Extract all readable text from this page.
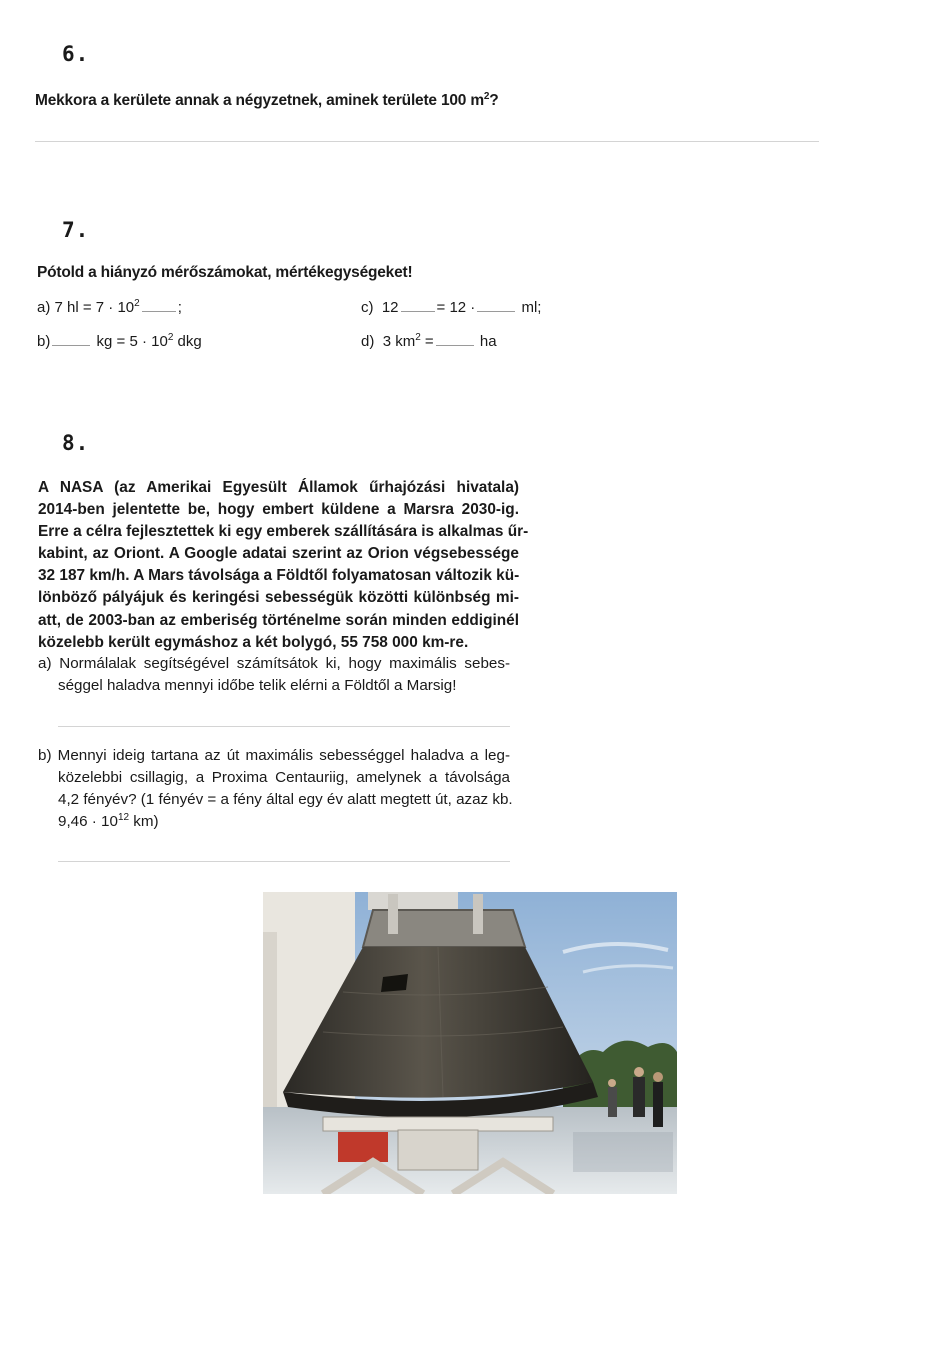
6.
Mekkora a kerülete annak a négyzetnek, aminek területe 100 $m^2$?
7.
Pótold a hiányzó mérőszámokat, mértékegységeket!
a) 7 hl = $7 \cdot 10^2$	;
b)	kg = $5 \cdot 10^2$ dkg
c) 12	= 12 ·	ml;
d) 3 $km^2$ =	ha
8.
A NASA (az Amerikai Egyesült Államok űrhajózási hivatala)
2014-ben jelentette be, hogy embert küldene a Marsra 2030-ig.
Erre a célra fejlesztettek ki egy emberek szállítására is alkalmas űr-
kabint, az Oriont. A Google adatai szerint az Orion végsebessége
32 187 km/h. A Mars távolsága a Földtől folyamatosan változik kü-
lönböző pályájuk és keringési sebességük közötti különbség mi-
att, de 2003-ban az emberiség történelme során minden eddiginél
közelebb került egymáshoz a két bolygó, 55 758 000 km-re.
a) Normálalak segítségével számítsátok ki, hogy maximális sebes-
séggel haladva mennyi időbe telik elérni a Földtől a Marsig!
b) Mennyi ideig tartana az út maximális sebességgel haladva a leg-
közelebbi csillagig, a Proxima Centauriig, amelynek a távolsága
4,2 fényév? (1 fényév = a fény által egy év alatt megtett út, azaz kb.
$9,46 \cdot 10^{12}$ km)
